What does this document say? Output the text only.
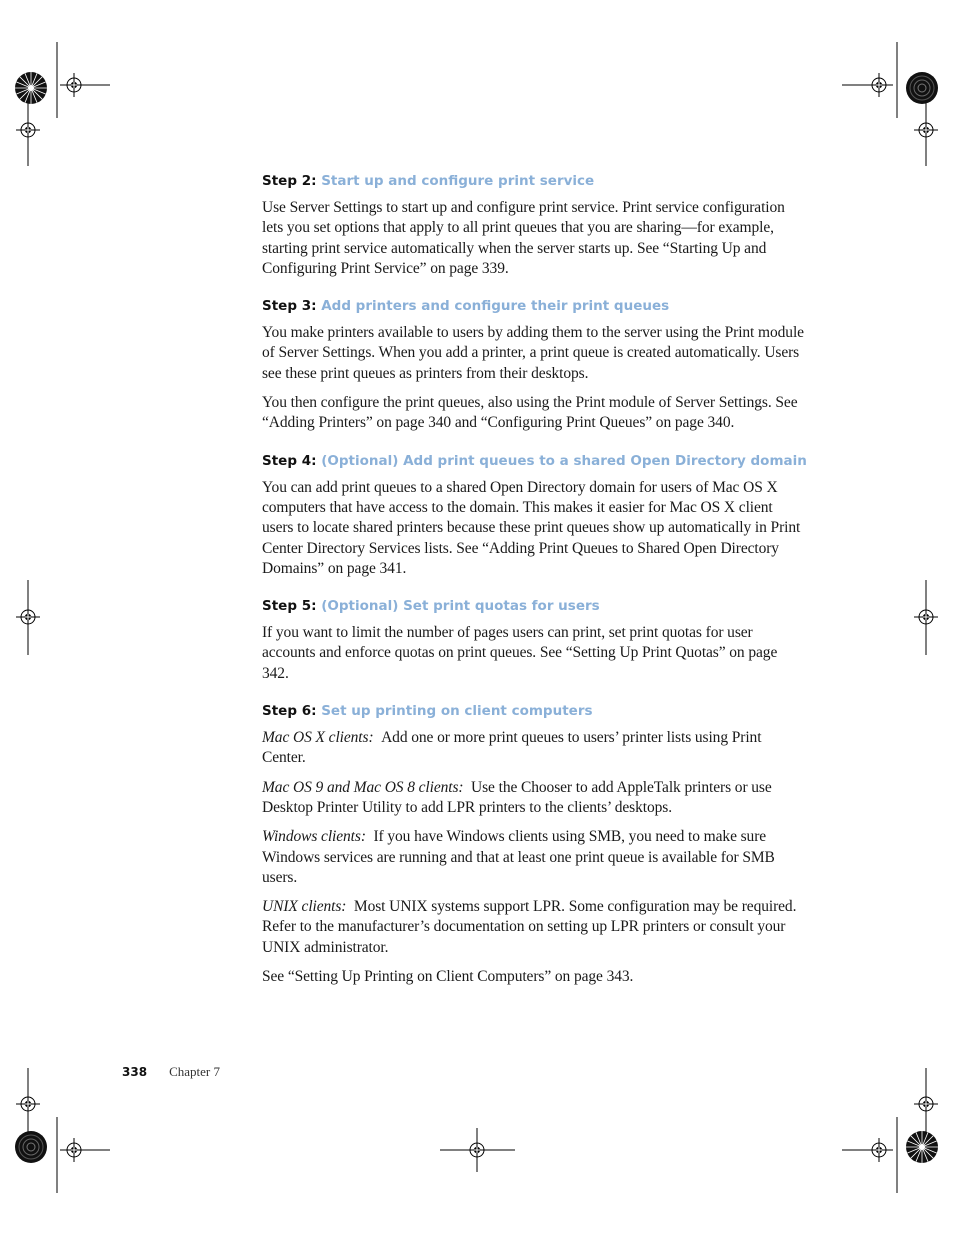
Step 2: Start up and configure print service

Use Server Settings to start up and configure print service. Print service configuration lets you set options that apply to all print queues that you are sharing—for example, starting print service automatically when the server starts up. See “Starting Up and Configuring Print Service” on page 339.

Step 3: Add printers and configure their print queues

You make printers available to users by adding them to the server using the Print module of Server Settings. When you add a printer, a print queue is created automatically. Users see these print queues as printers from their desktops.

You then configure the print queues, also using the Print module of Server Settings. See “Adding Printers” on page 340 and “Configuring Print Queues” on page 340.

Step 4: (Optional) Add print queues to a shared Open Directory domain

You can add print queues to a shared Open Directory domain for users of Mac OS X computers that have access to the domain. This makes it easier for Mac OS X client users to locate shared printers because these print queues show up automatically in Print Center Directory Services lists. See “Adding Print Queues to Shared Open Directory Domains” on page 341.

Step 5: (Optional) Set print quotas for users

If you want to limit the number of pages users can print, set print quotas for user accounts and enforce quotas on print queues. See “Setting Up Print Quotas” on page 342.

Step 6: Set up printing on client computers

Mac OS X clients: Add one or more print queues to users’ printer lists using Print Center.

Mac OS 9 and Mac OS 8 clients: Use the Chooser to add AppleTalk printers or use Desktop Printer Utility to add LPR printers to the clients’ desktops.

Windows clients: If you have Windows clients using SMB, you need to make sure Windows services are running and that at least one print queue is available for SMB users.

UNIX clients: Most UNIX systems support LPR. Some configuration may be required. Refer to the manufacturer’s documentation on setting up LPR printers or consult your UNIX administrator.

See “Setting Up Printing on Client Computers” on page 343.

338 Chapter 7
